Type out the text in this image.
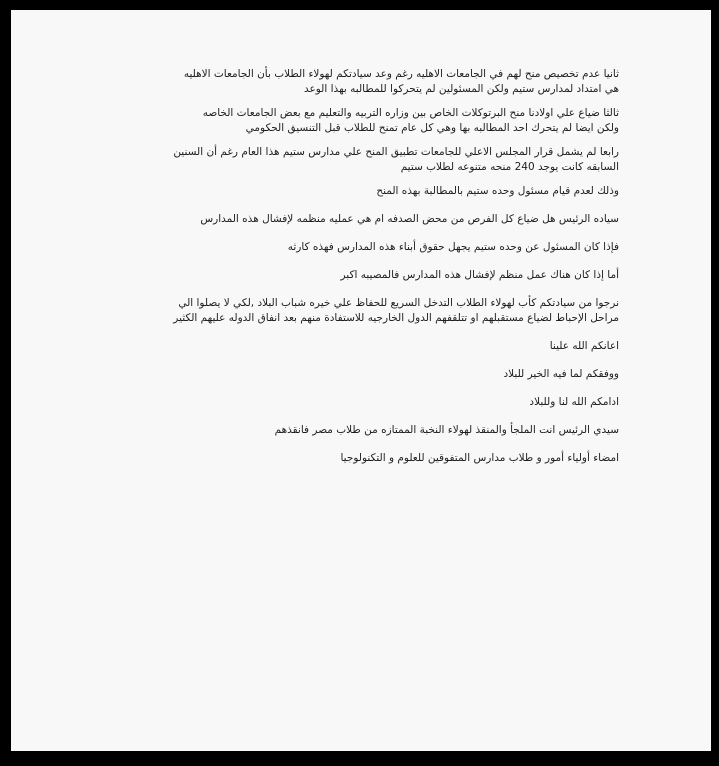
ثانيا عدم تخصيص منح لهم في الجامعات الاهليه رغم وعد سيادتكم لهولاء الطلاب بأن الجامعات الاهليه
هي امتداد لمدارس ستيم ولكن المسئولين لم يتحركوا للمطالبه بهذا الوعد
ثالثا ضياع علي اولادنا منح البرتوكلات الخاص بين وزاره التربيه والتعليم مع بعض الجامعات الخاصه
ولكن ايضا لم يتحرك احد المطالبه بها وهي كل عام تمنح للطلاب قبل التنسيق الحكومي
رابعا لم يشمل قرار المجلس الاعلي للجامعات تطبيق المنح علي مدارس ستيم هذا العام رغم أن السنين
السابقه كانت يوجد 240 منحه متنوعه لطلاب ستيم
وذلك لعدم قيام مسئول وحده ستيم بالمطالبة بهذه المنح
سياده الرئيس هل ضياع كل الفرص من محض الصدفه ام هي عمليه منظمه لإفشال هذه المدارس
فإذا كان المسئول عن وحده ستيم يجهل حقوق أبناء هذه المدارس فهذه كارثه
أما إذا كان هناك عمل منظم لإفشال هذه المدارس فالمصيبه اكبر
نرجوا من سيادتكم كأب لهولاء الطلاب التدخل السريع للحفاظ علي خيره شباب البلاد ,لكي لا يصلوا الي
مراحل الإحباط لضياع مستقبلهم او تتلقفهم الدول الخارجيه للاستفادة منهم بعد انفاق الدوله عليهم الكثير
اعانكم الله علينا
ووفقكم لما فيه الخير للبلاد
ادامكم الله لنا وللبلاد
سيدي الرئيس انت الملجأ والمنقذ لهولاء النخبة الممتازه من طلاب مصر فانقذهم
امضاء أولياء أمور و طلاب مدارس المتفوقين للعلوم و التكنولوجيا
